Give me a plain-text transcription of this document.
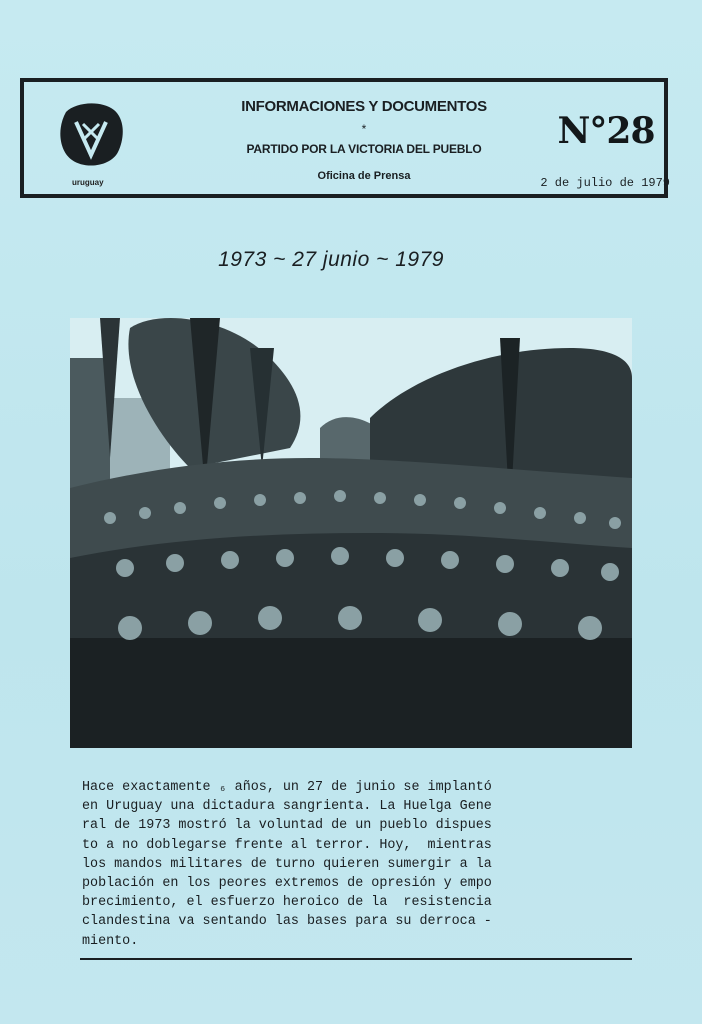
uruguay
INFORMACIONES Y DOCUMENTOS
*
PARTIDO POR LA VICTORIA DEL PUEBLO
Oficina de Prensa
N°28
2 de julio de 1979
1973 ~ 27 junio ~ 1979
Hace exactamente ₆ años, un 27 de junio se implantó
en Uruguay una dictadura sangrienta. La Huelga Gene
ral de 1973 mostró la voluntad de un pueblo dispues
to a no doblegarse frente al terror. Hoy,  mientras
los mandos militares de turno quieren sumergir a la
población en los peores extremos de opresión y empo
brecimiento, el esfuerzo heroico de la  resistencia
clandestina va sentando las bases para su derroca -
miento.
